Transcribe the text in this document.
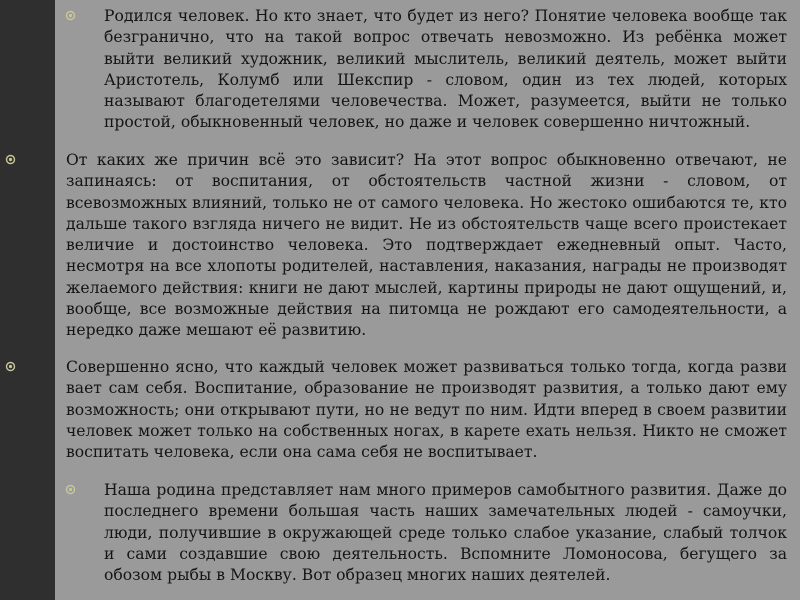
Родился человек. Но кто знает, что будет из него? Понятие человека вообще так безгранично, что на такой вопрос отвечать невозможно. Из ребёнка может выйти великий художник, великий мыслитель, великий деятель, может выйти Аристотель, Колумб или Шекспир - словом, один из тех людей, которых называют благодетелями человечества. Может, разумеется, выйти не только простой, обыкновенный человек, но даже и человек совершенно ничтожный.

От каких же причин всё это зависит? На этот вопрос обыкновенно отвечают, не запинаясь: от воспитания, от обстоятельств частной жизни - словом, от всевозможных влияний, только не от самого человека. Но жестоко ошибаются те, кто дальше такого взгляда ничего не видит. Не из обстоятельств чаще всего проистекает величие и достоинство человека. Это подтверждает ежедневный опыт. Часто, несмотря на все хлопоты родителей, наставления, наказания, награды не производят желаемого действия: книги не дают мыслей, картины природы не дают ощущений, и, вообще, все возможные действия на питомца не рождают его самодеятельности, а нередко даже мешают её развитию.

Совершенно ясно, что каждый человек может развиваться только тогда, когда разви вает сам себя. Воспитание, образование не производят развития, а только дают ему возможность; они открывают пути, но не ведут по ним. Идти вперед в своем развитии человек может только на собственных ногах, в карете ехать нельзя. Никто не сможет воспитать человека, если она сама себя не воспитывает.

Наша родина представляет нам много примеров самобытного развития. Даже до последнего времени большая часть наших замечательных людей - самоучки, люди, получившие в окружающей среде только слабое указание, слабый толчок и сами создавшие свою деятельность. Вспомните Ломоносова, бегущего за обозом рыбы в Москву. Вот образец многих наших деятелей.
